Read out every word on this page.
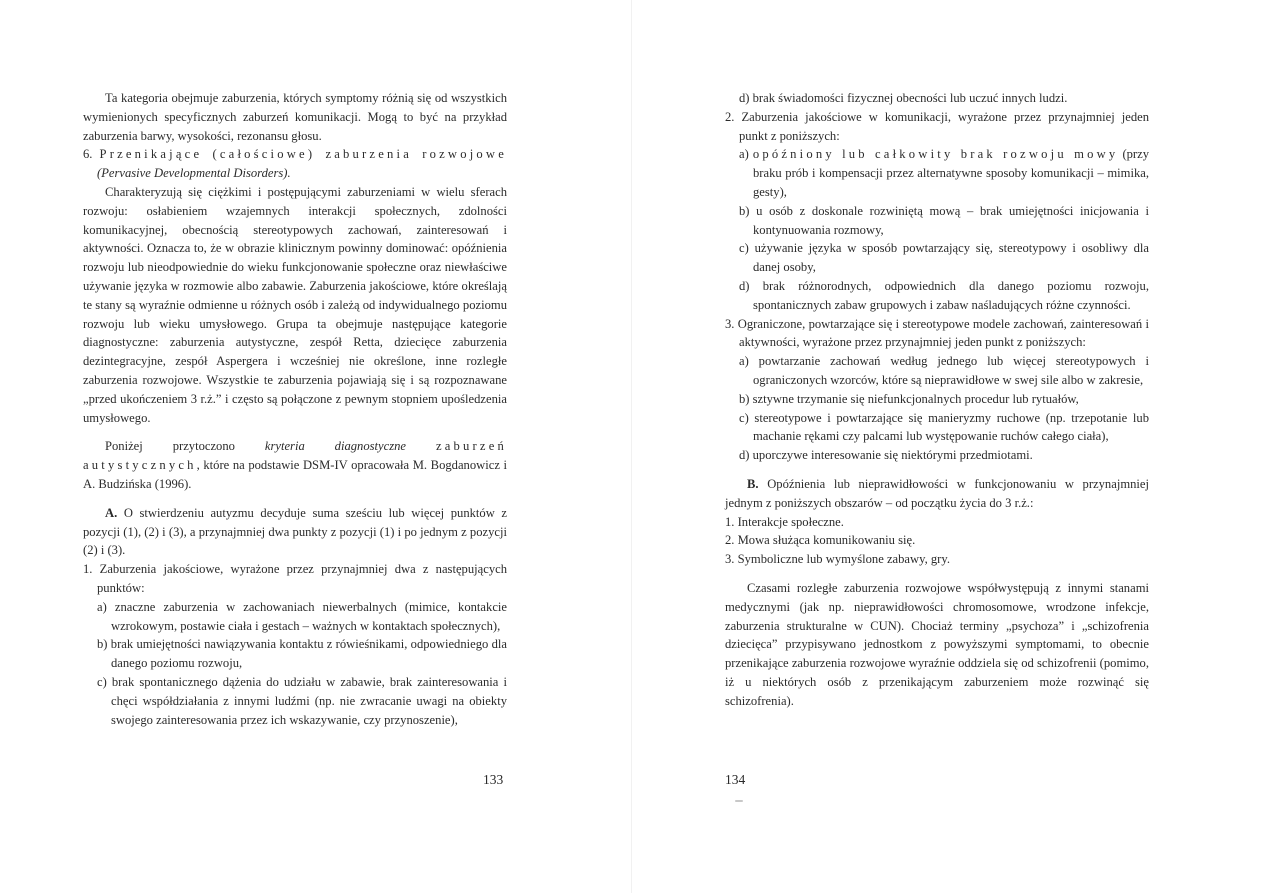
Ta kategoria obejmuje zaburzenia, których symptomy różnią się od wszystkich wymienionych specyficznych zaburzeń komunikacji. Mogą to być na przykład zaburzenia barwy, wysokości, rezonansu głosu.

6. Przenikające (całościowe) zaburzenia rozwojowe (Pervasive Developmental Disorders).

Charakteryzują się ciężkimi i postępującymi zaburzeniami w wielu sferach rozwoju: osłabieniem wzajemnych interakcji społecznych, zdolności komunikacyjnej, obecnością stereotypowych zachowań, zainteresowań i aktywności. Oznacza to, że w obrazie klinicznym powinny dominować: opóźnienia rozwoju lub nieodpowiednie do wieku funkcjonowanie społeczne oraz niewłaściwe używanie języka w rozmowie albo zabawie. Zaburzenia jakościowe, które określają te stany są wyraźnie odmienne u różnych osób i zależą od indywidualnego poziomu rozwoju lub wieku umysłowego. Grupa ta obejmuje następujące kategorie diagnostyczne: zaburzenia autystyczne, zespół Retta, dziecięce zaburzenia dezintegracyjne, zespół Aspergera i wcześniej nie określone, inne rozległe zaburzenia rozwojowe. Wszystkie te zaburzenia pojawiają się i są rozpoznawane „przed ukończeniem 3 r.ż.” i często są połączone z pewnym stopniem upośledzenia umysłowego.

Poniżej przytoczono kryteria diagnostyczne zaburzeń autystycznych, które na podstawie DSM-IV opracowała M. Bogdanowicz i A. Budzińska (1996).

A. O stwierdzeniu autyzmu decyduje suma sześciu lub więcej punktów z pozycji (1), (2) i (3), a przynajmniej dwa punkty z pozycji (1) i po jednym z pozycji (2) i (3).

1. Zaburzenia jakościowe, wyrażone przez przynajmniej dwa z następujących punktów:

a) znaczne zaburzenia w zachowaniach niewerbalnych (mimice, kontakcie wzrokowym, postawie ciała i gestach – ważnych w kontaktach społecznych),

b) brak umiejętności nawiązywania kontaktu z rówieśnikami, odpowiedniego dla danego poziomu rozwoju,

c) brak spontanicznego dążenia do udziału w zabawie, brak zainteresowania i chęci współdziałania z innymi ludźmi (np. nie zwracanie uwagi na obiekty swojego zainteresowania przez ich wskazywanie, czy przynoszenie),

133

d) brak świadomości fizycznej obecności lub uczuć innych ludzi.

2. Zaburzenia jakościowe w komunikacji, wyrażone przez przynajmniej jeden punkt z poniższych:

a) opóźniony lub całkowity brak rozwoju mowy (przy braku prób i kompensacji przez alternatywne sposoby komunikacji – mimika, gesty),

b) u osób z doskonale rozwiniętą mową – brak umiejętności inicjowania i kontynuowania rozmowy,

c) używanie języka w sposób powtarzający się, stereotypowy i osobliwy dla danej osoby,

d) brak różnorodnych, odpowiednich dla danego poziomu rozwoju, spontanicznych zabaw grupowych i zabaw naśladujących różne czynności.

3. Ograniczone, powtarzające się i stereotypowe modele zachowań, zainteresowań i aktywności, wyrażone przez przynajmniej jeden punkt z poniższych:

a) powtarzanie zachowań według jednego lub więcej stereotypowych i ograniczonych wzorców, które są nieprawidłowe w swej sile albo w zakresie,

b) sztywne trzymanie się niefunkcjonalnych procedur lub rytuałów,

c) stereotypowe i powtarzające się manieryzmy ruchowe (np. trzepotanie lub machanie rękami czy palcami lub występowanie ruchów całego ciała),

d) uporczywe interesowanie się niektórymi przedmiotami.

B. Opóźnienia lub nieprawidłowości w funkcjonowaniu w przynajmniej jednym z poniższych obszarów – od początku życia do 3 r.ż.:

1. Interakcje społeczne.

2. Mowa służąca komunikowaniu się.

3. Symboliczne lub wymyślone zabawy, gry.

Czasami rozległe zaburzenia rozwojowe współwystępują z innymi stanami medycznymi (jak np. nieprawidłowości chromosomowe, wrodzone infekcje, zaburzenia strukturalne w CUN). Chociaż terminy „psychoza” i „schizofrenia dziecięca” przypisywano jednostkom z powyższymi symptomami, to obecnie przenikające zaburzenia rozwojowe wyraźnie oddziela się od schizofrenii (pomimo, iż u niektórych osób z przenikającym zaburzeniem może rozwinąć się schizofrenia).

134
